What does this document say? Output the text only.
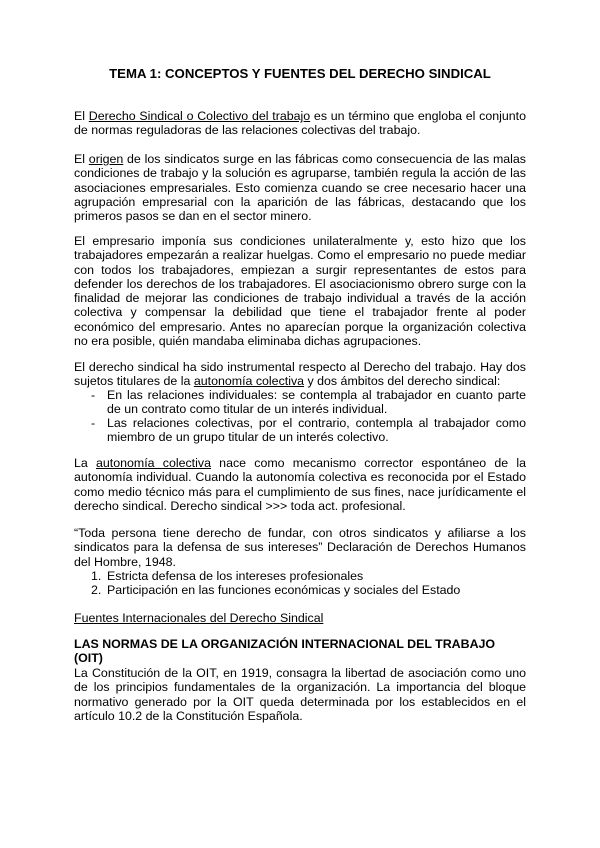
TEMA 1: CONCEPTOS Y FUENTES DEL DERECHO SINDICAL

El Derecho Sindical o Colectivo del trabajo es un término que engloba el conjunto de normas reguladoras de las relaciones colectivas del trabajo.

El origen de los sindicatos surge en las fábricas como consecuencia de las malas condiciones de trabajo y la solución es agruparse, también regula la acción de las asociaciones empresariales. Esto comienza cuando se cree necesario hacer una agrupación empresarial con la aparición de las fábricas, destacando que los primeros pasos se dan en el sector minero.

El empresario imponía sus condiciones unilateralmente y, esto hizo que los trabajadores empezarán a realizar huelgas. Como el empresario no puede mediar con todos los trabajadores, empiezan a surgir representantes de estos para defender los derechos de los trabajadores. El asociacionismo obrero surge con la finalidad de mejorar las condiciones de trabajo individual a través de la acción colectiva y compensar la debilidad que tiene el trabajador frente al poder económico del empresario. Antes no aparecían porque la organización colectiva no era posible, quién mandaba eliminaba dichas agrupaciones.

El derecho sindical ha sido instrumental respecto al Derecho del trabajo. Hay dos sujetos titulares de la autonomía colectiva y dos ámbitos del derecho sindical:

- En las relaciones individuales: se contempla al trabajador en cuanto parte de un contrato como titular de un interés individual.
- Las relaciones colectivas, por el contrario, contempla al trabajador como miembro de un grupo titular de un interés colectivo.

La autonomía colectiva nace como mecanismo corrector espontáneo de la autonomía individual. Cuando la autonomía colectiva es reconocida por el Estado como medio técnico más para el cumplimiento de sus fines, nace jurídicamente el derecho sindical. Derecho sindical >>> toda act. profesional.

“Toda persona tiene derecho de fundar, con otros sindicatos y afiliarse a los sindicatos para la defensa de sus intereses” Declaración de Derechos Humanos del Hombre, 1948.

1. Estricta defensa de los intereses profesionales
2. Participación en las funciones económicas y sociales del Estado

Fuentes Internacionales del Derecho Sindical

LAS NORMAS DE LA ORGANIZACIÓN INTERNACIONAL DEL TRABAJO (OIT)

La Constitución de la OIT, en 1919, consagra la libertad de asociación como uno de los principios fundamentales de la organización. La importancia del bloque normativo generado por la OIT queda determinada por los establecidos en el artículo 10.2 de la Constitución Española.
